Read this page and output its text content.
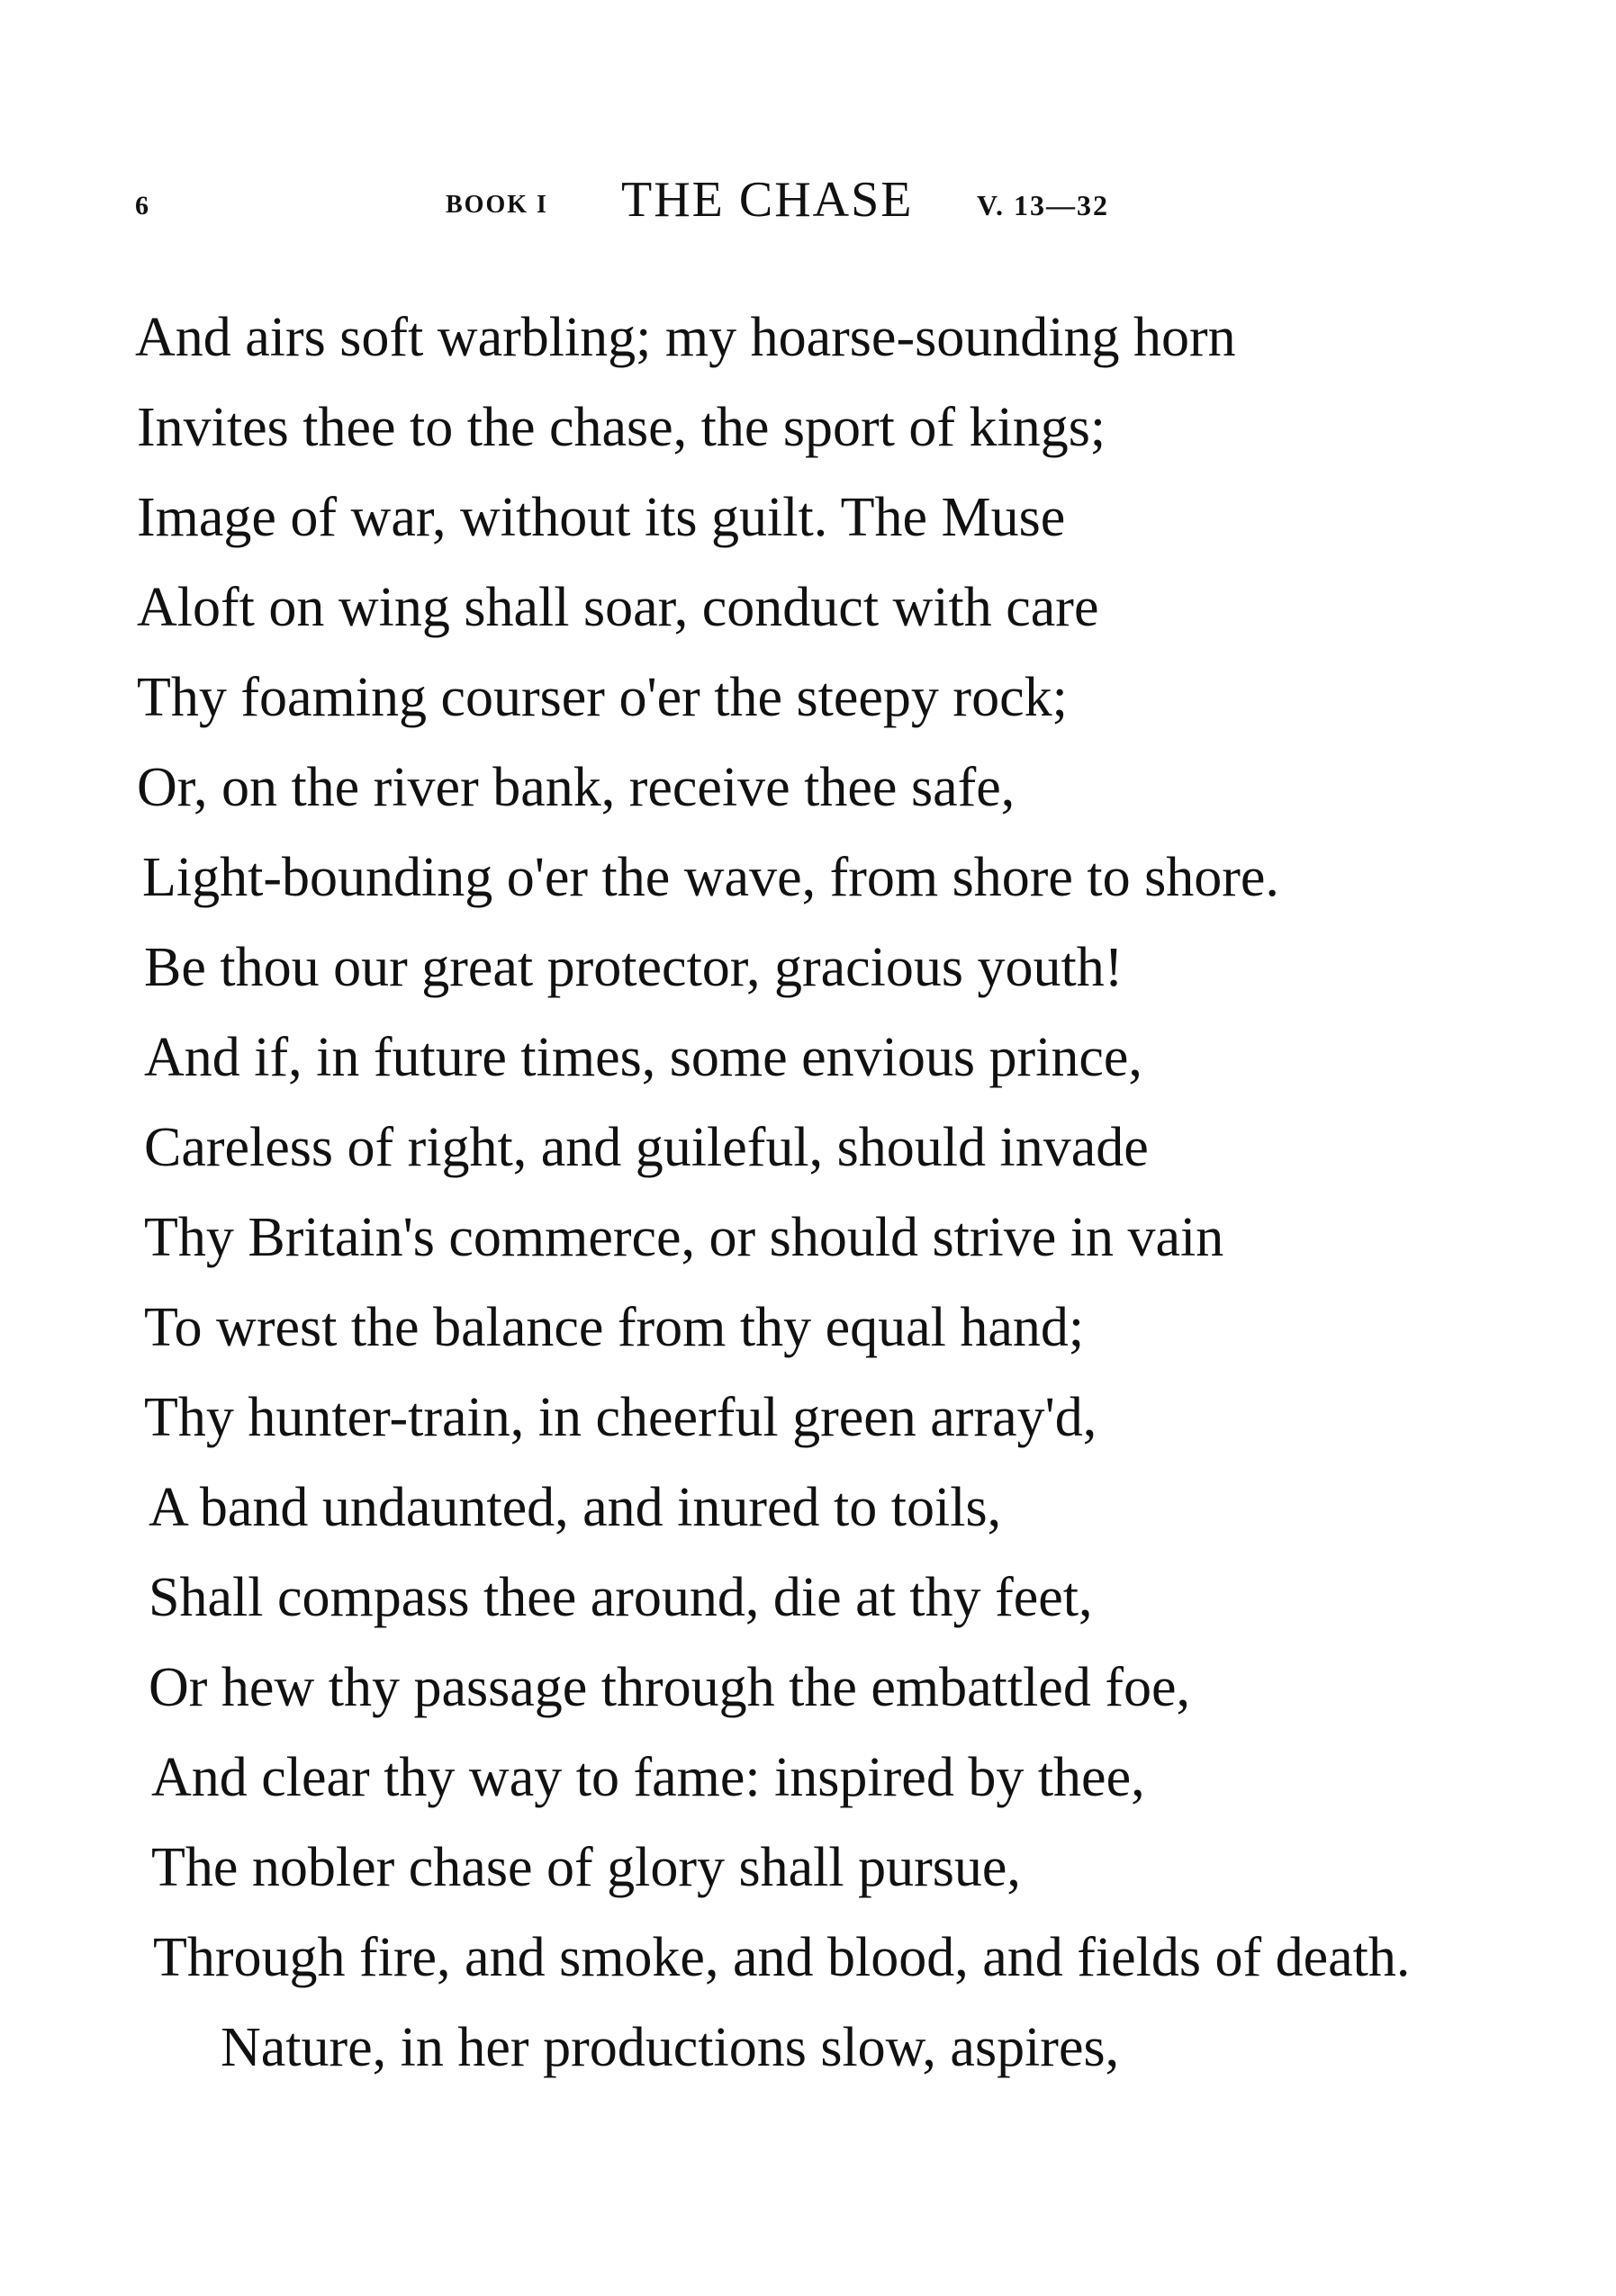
6	BOOK I THE CHASE V. 13—32
And airs soft warbling; my hoarse-sounding horn
Invites thee to the chase, the sport of kings;
Image of war, without its guilt. The Muse
Aloft on wing shall soar, conduct with care
Thy foaming courser o'er the steepy rock;
Or, on the river bank, receive thee safe,
Light-bounding o'er the wave, from shore to shore.
Be thou our great protector, gracious youth!
And if, in future times, some envious prince,
Careless of right, and guileful, should invade
Thy Britain's commerce, or should strive in vain
To wrest the balance from thy equal hand;
Thy hunter-train, in cheerful green array'd,
A band undaunted, and inured to toils,
Shall compass thee around, die at thy feet,
Or hew thy passage through the embattled foe,
And clear thy way to fame: inspired by thee,
The nobler chase of glory shall pursue,
Through fire, and smoke, and blood, and fields of death.
Nature, in her productions slow, aspires,
